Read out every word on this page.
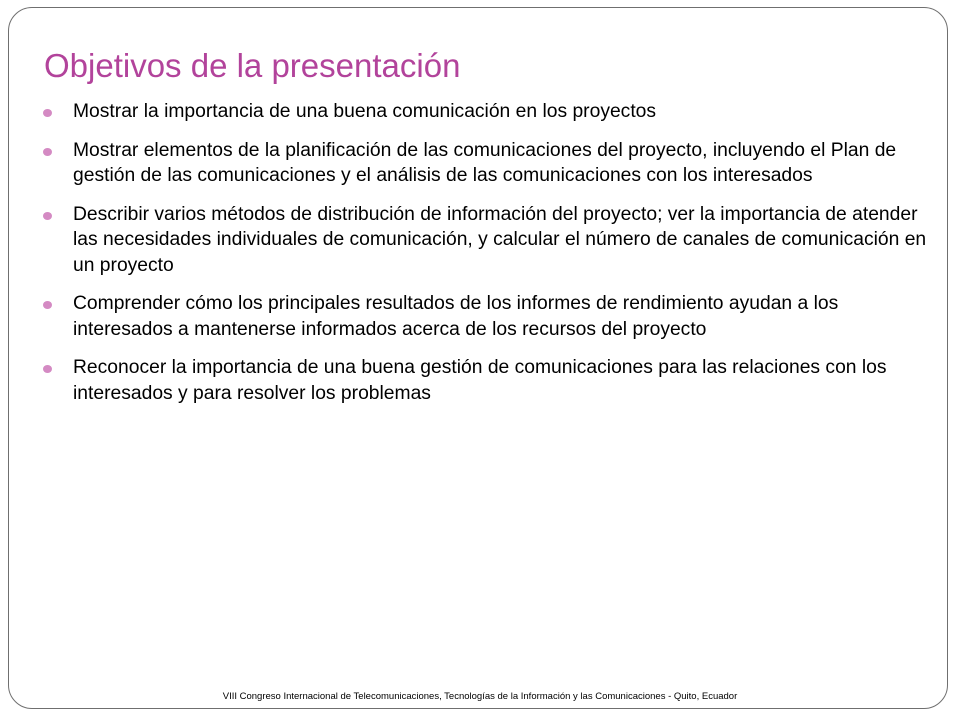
Objetivos de la presentación
Mostrar la importancia de una buena comunicación en los proyectos
Mostrar elementos de la planificación de las comunicaciones del proyecto, incluyendo el Plan de gestión de las comunicaciones y el análisis de las comunicaciones con los interesados
Describir varios métodos de distribución de información del proyecto; ver la importancia de atender las necesidades individuales de comunicación, y calcular el número de canales de comunicación en un proyecto
Comprender cómo los principales resultados de los informes de rendimiento ayudan a los interesados a mantenerse informados acerca de los recursos del proyecto
Reconocer la importancia de una buena gestión de comunicaciones para las relaciones con los interesados y para resolver los problemas
VIII Congreso Internacional de Telecomunicaciones, Tecnologías de la Información y las Comunicaciones - Quito, Ecuador
